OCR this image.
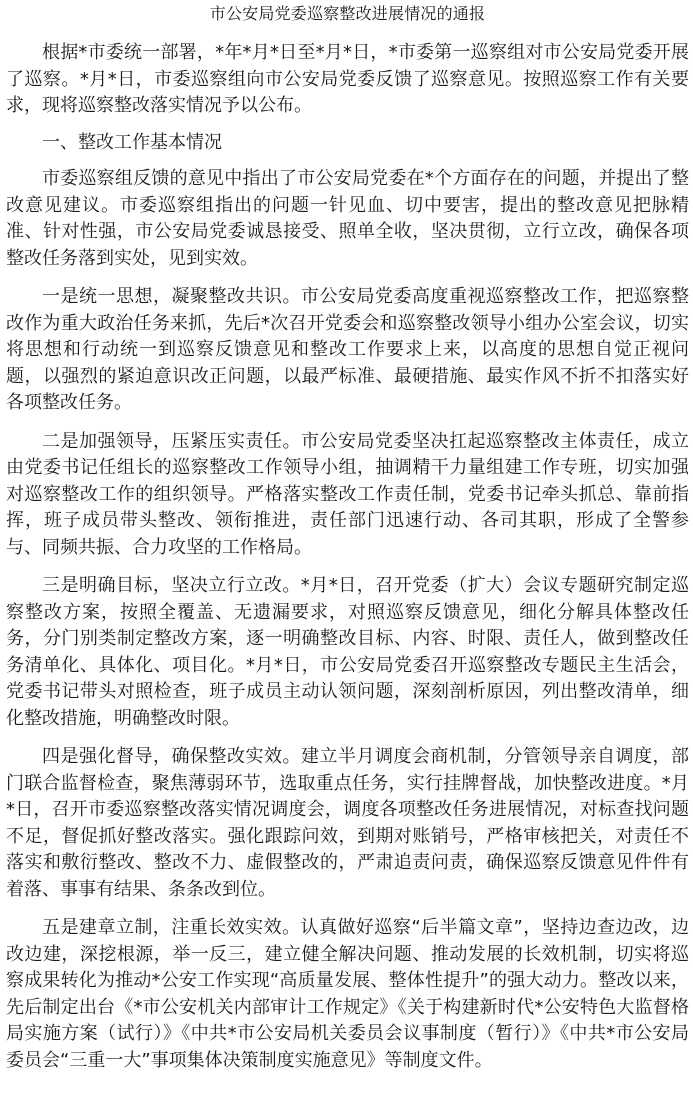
市公安局党委巡察整改进展情况的通报

根据*市委统一部署，*年*月*日至*月*日，*市委第一巡察组对市公安局党委开展了巡察。*月*日，市委巡察组向市公安局党委反馈了巡察意见。按照巡察工作有关要求，现将巡察整改落实情况予以公布。

一、整改工作基本情况

市委巡察组反馈的意见中指出了市公安局党委在*个方面存在的问题，并提出了整改意见建议。市委巡察组指出的问题一针见血、切中要害，提出的整改意见把脉精准、针对性强，市公安局党委诚恳接受、照单全收，坚决贯彻，立行立改，确保各项整改任务落到实处，见到实效。

一是统一思想，凝聚整改共识。市公安局党委高度重视巡察整改工作，把巡察整改作为重大政治任务来抓，先后*次召开党委会和巡察整改领导小组办公室会议，切实将思想和行动统一到巡察反馈意见和整改工作要求上来，以高度的思想自觉正视问题，以强烈的紧迫意识改正问题，以最严标准、最硬措施、最实作风不折不扣落实好各项整改任务。

二是加强领导，压紧压实责任。市公安局党委坚决扛起巡察整改主体责任，成立由党委书记任组长的巡察整改工作领导小组，抽调精干力量组建工作专班，切实加强对巡察整改工作的组织领导。严格落实整改工作责任制，党委书记牵头抓总、靠前指挥，班子成员带头整改、领衔推进，责任部门迅速行动、各司其职，形成了全警参与、同频共振、合力攻坚的工作格局。

三是明确目标，坚决立行立改。*月*日，召开党委（扩大）会议专题研究制定巡察整改方案，按照全覆盖、无遗漏要求，对照巡察反馈意见，细化分解具体整改任务，分门别类制定整改方案，逐一明确整改目标、内容、时限、责任人，做到整改任务清单化、具体化、项目化。*月*日，市公安局党委召开巡察整改专题民主生活会，党委书记带头对照检查，班子成员主动认领问题，深刻剖析原因，列出整改清单，细化整改措施，明确整改时限。

四是强化督导，确保整改实效。建立半月调度会商机制，分管领导亲自调度，部门联合监督检查，聚焦薄弱环节，选取重点任务，实行挂牌督战，加快整改进度。*月*日，召开市委巡察整改落实情况调度会，调度各项整改任务进展情况，对标查找问题不足，督促抓好整改落实。强化跟踪问效，到期对账销号，严格审核把关，对责任不落实和敷衍整改、整改不力、虚假整改的，严肃追责问责，确保巡察反馈意见件件有着落、事事有结果、条条改到位。

五是建章立制，注重长效实效。认真做好巡察“后半篇文章”，坚持边查边改，边改边建，深挖根源，举一反三，建立健全解决问题、推动发展的长效机制，切实将巡察成果转化为推动*公安工作实现“高质量发展、整体性提升”的强大动力。整改以来，先后制定出台《*市公安机关内部审计工作规定》《关于构建新时代*公安特色大监督格局实施方案（试行）》《中共*市公安局机关委员会议事制度（暂行）》《中共*市公安局委员会“三重一大”事项集体决策制度实施意见》等制度文件。
